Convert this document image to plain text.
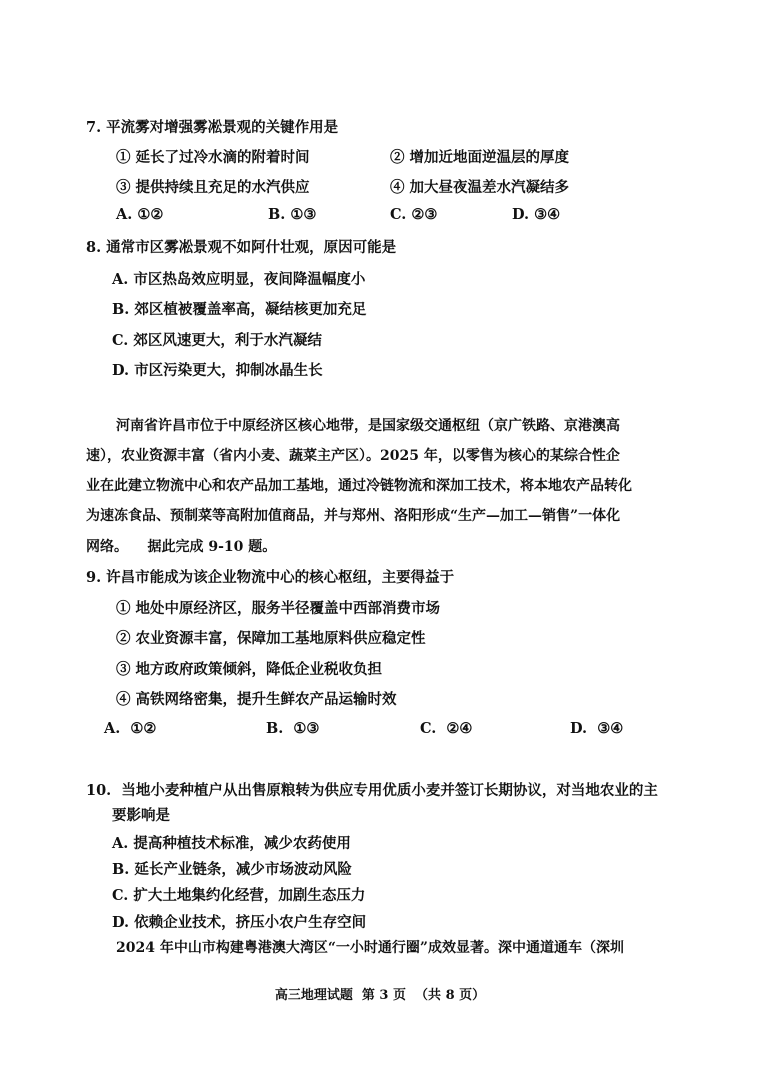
7. 平流雾对增强雾凇景观的关键作用是
① 延长了过冷水滴的附着时间	② 增加近地面逆温层的厚度
③ 提供持续且充足的水汽供应	④ 加大昼夜温差水汽凝结多
A. ①②	B. ①③	C. ②③	D. ③④
8. 通常市区雾凇景观不如阿什壮观，原因可能是
A. 市区热岛效应明显，夜间降温幅度小
B. 郊区植被覆盖率高，凝结核更加充足
C. 郊区风速更大，利于水汽凝结
D. 市区污染更大，抑制冰晶生长
河南省许昌市位于中原经济区核心地带，是国家级交通枢纽（京广铁路、京港澳高
速），农业资源丰富（省内小麦、蔬菜主产区）。2025 年，以零售为核心的某综合性企
业在此建立物流中心和农产品加工基地，通过冷链物流和深加工技术，将本地农产品转化
为速冻食品、预制菜等高附加值商品，并与郑州、洛阳形成“生产—加工—销售”一体化
网络。    据此完成 9-10 题。
9. 许昌市能成为该企业物流中心的核心枢纽，主要得益于
① 地处中原经济区，服务半径覆盖中西部消费市场
② 农业资源丰富，保障加工基地原料供应稳定性
③ 地方政府政策倾斜，降低企业税收负担
④ 高铁网络密集，提升生鲜农产品运输时效
A.  ①②	B.  ①③	C.  ②④	D.  ③④
10.  当地小麦种植户从出售原粮转为供应专用优质小麦并签订长期协议，对当地农业的主
要影响是
A. 提高种植技术标准，减少农药使用
B. 延长产业链条，减少市场波动风险
C. 扩大土地集约化经营，加剧生态压力
D. 依赖企业技术，挤压小农户生存空间
2024 年中山市构建粤港澳大湾区“一小时通行圈”成效显著。深中通道通车（深圳
高三地理试题  第 3 页  （共 8 页）
